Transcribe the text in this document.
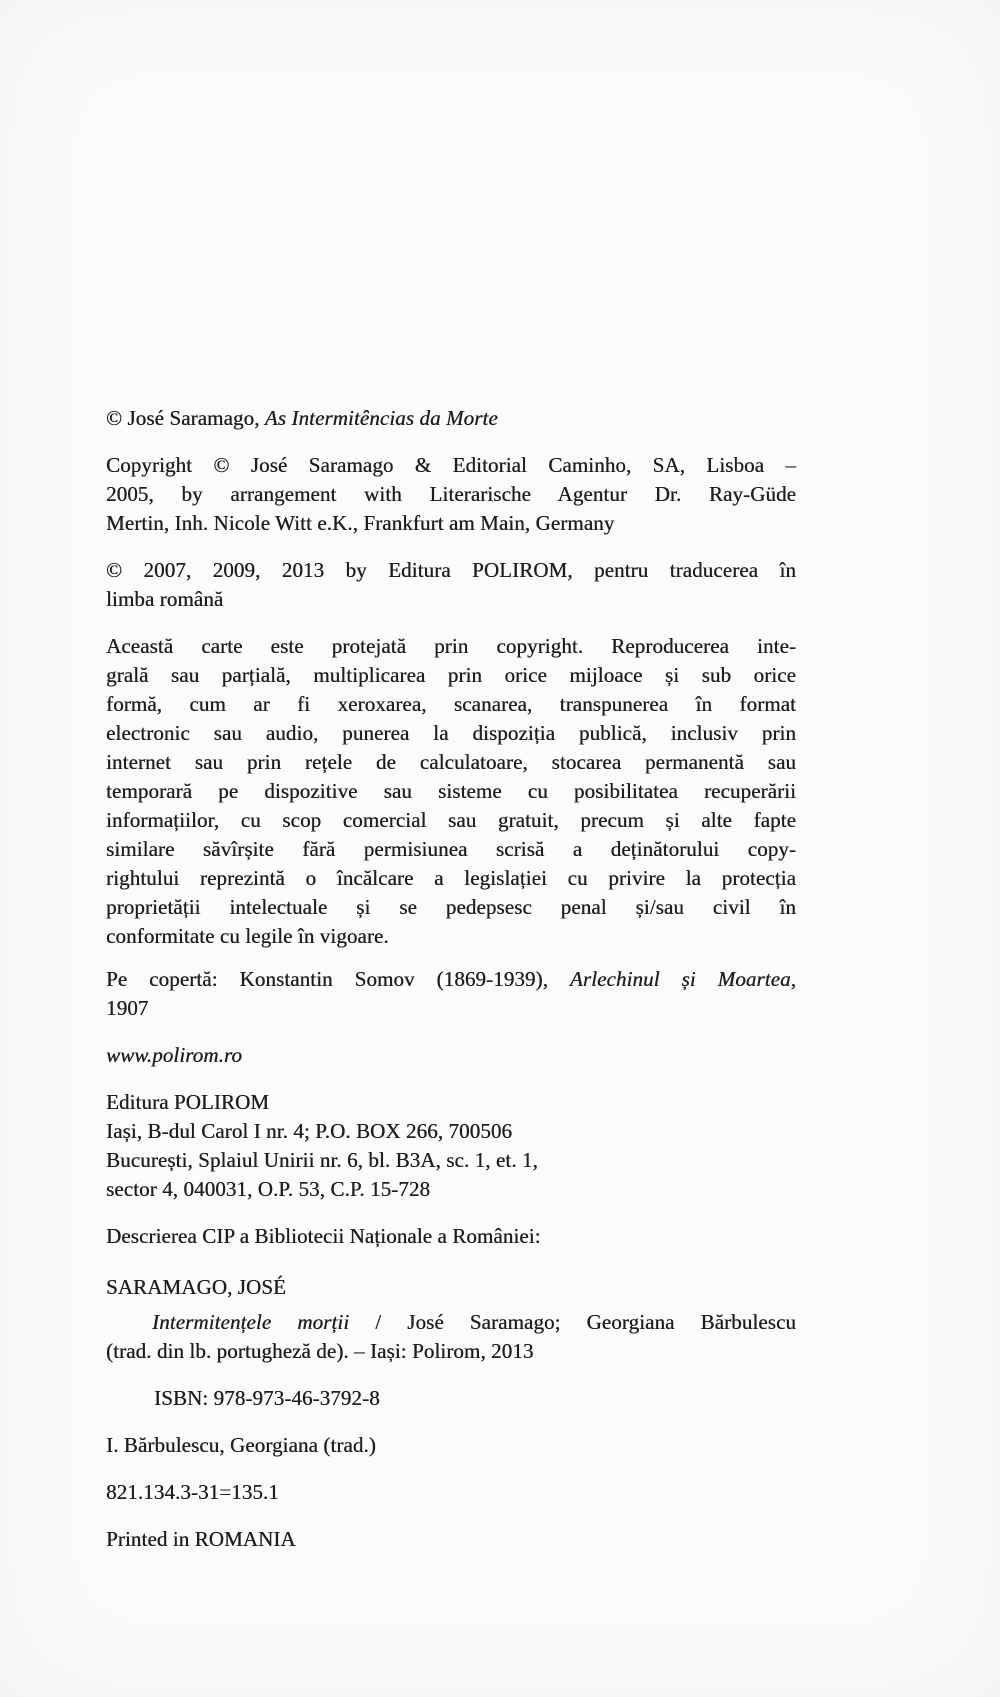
© José Saramago, As Intermitências da Morte

Copyright © José Saramago & Editorial Caminho, SA, Lisboa –
2005, by arrangement with Literarische Agentur Dr. Ray-Güde
Mertin, Inh. Nicole Witt e.K., Frankfurt am Main, Germany
© 2007, 2009, 2013 by Editura POLIROM, pentru traducerea în
limba română
Această carte este protejată prin copyright. Reproducerea inte-
grală sau parțială, multiplicarea prin orice mijloace și sub orice
formă, cum ar fi xeroxarea, scanarea, transpunerea în format
electronic sau audio, punerea la dispoziția publică, inclusiv prin
internet sau prin rețele de calculatoare, stocarea permanentă sau
temporară pe dispozitive sau sisteme cu posibilitatea recuperării
informațiilor, cu scop comercial sau gratuit, precum și alte fapte
similare săvîrșite fără permisiunea scrisă a deținătorului copy-
rightului reprezintă o încălcare a legislației cu privire la protecția
proprietății intelectuale și se pedepsesc penal și/sau civil în
conformitate cu legile în vigoare.
Pe copertă: Konstantin Somov (1869-1939), Arlechinul și Moartea,
1907

www.polirom.ro

Editura POLIROM
Iași, B-dul Carol I nr. 4; P.O. BOX 266, 700506
București, Splaiul Unirii nr. 6, bl. B3A, sc. 1, et. 1,
sector 4, 040031, O.P. 53, C.P. 15-728

Descrierea CIP a Bibliotecii Naționale a României:

SARAMAGO, JOSÉ

Intermitențele morții / José Saramago; Georgiana Bărbulescu
(trad. din lb. portugheză de). – Iași: Polirom, 2013

ISBN: 978-973-46-3792-8

I. Bărbulescu, Georgiana (trad.)

821.134.3-31=135.1

Printed in ROMANIA
